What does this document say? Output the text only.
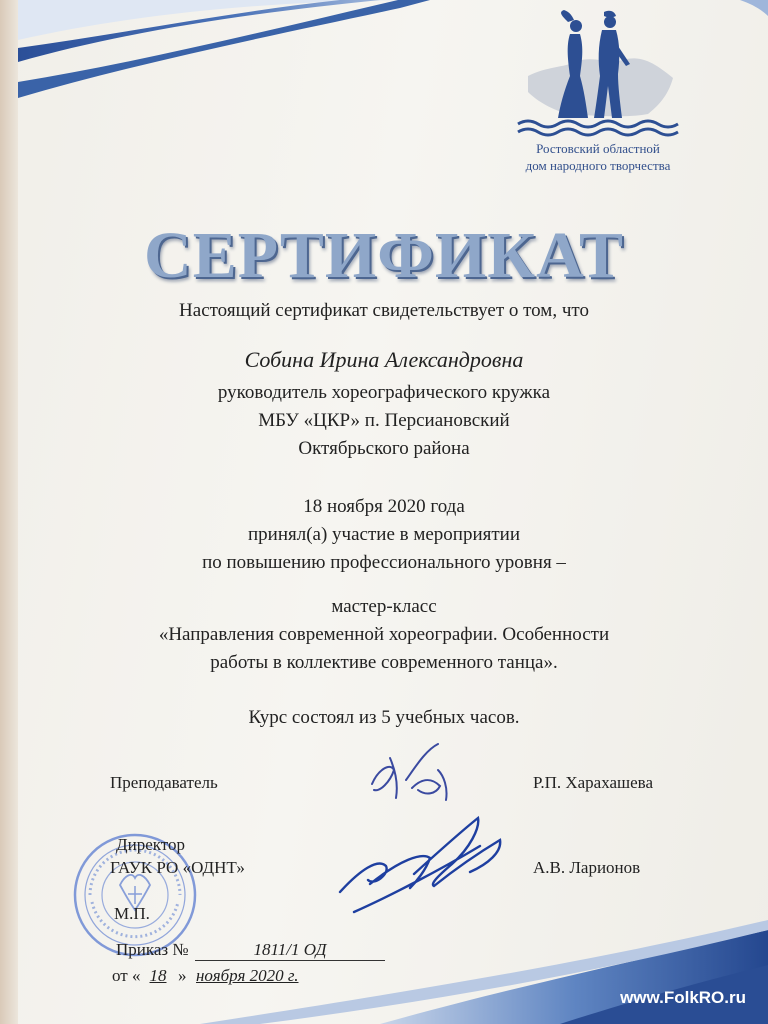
Ростовский областной
дом народного творчества
СЕРТИФИКАТ
Настоящий сертификат свидетельствует о том, что
Собина Ирина Александровна
руководитель хореографического кружка
МБУ «ЦКР» п. Персиановский
Октябрьского района
18 ноября 2020 года
принял(а) участие в мероприятии
по повышению профессионального уровня –
мастер-класс
«Направления современной хореографии. Особенности
работы в коллективе современного танца».
Курс состоял из 5 учебных часов.
Преподаватель	Р.П. Харахашева
Директор
ГАУК РО «ОДНТ»	А.В. Ларионов
М.П.
Приказ №	1811/1 ОД
от « 18 » ноября 2020 г.
www.FolkRO.ru
